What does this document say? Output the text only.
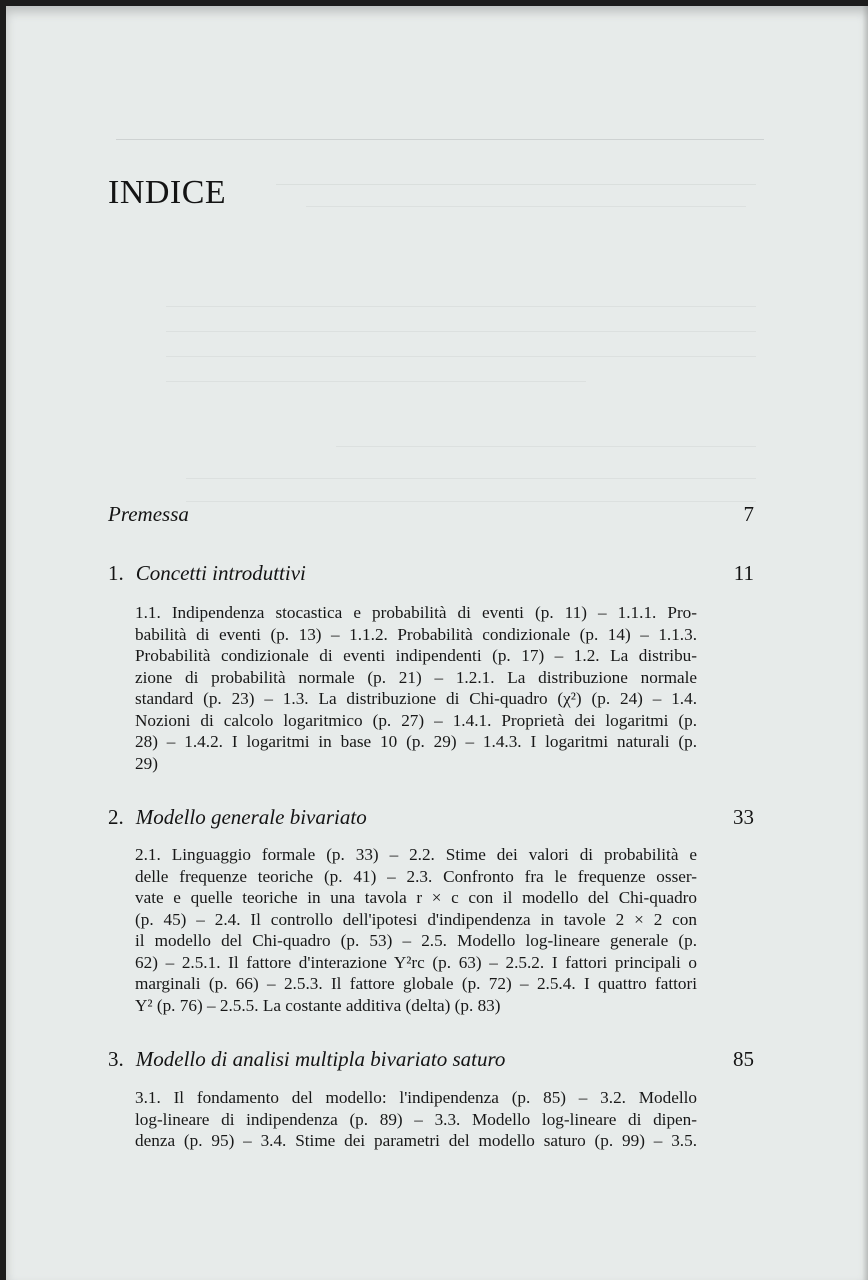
INDICE
Premessa	7
1. Concetti introduttivi	11
1.1. Indipendenza stocastica e probabilità di eventi (p. 11) – 1.1.1. Pro-
babilità di eventi (p. 13) – 1.1.2. Probabilità condizionale (p. 14) – 1.1.3.
Probabilità condizionale di eventi indipendenti (p. 17) – 1.2. La distribu-
zione di probabilità normale (p. 21) – 1.2.1. La distribuzione normale
standard (p. 23) – 1.3. La distribuzione di Chi-quadro (χ²) (p. 24) – 1.4.
Nozioni di calcolo logaritmico (p. 27) – 1.4.1. Proprietà dei logaritmi (p.
28) – 1.4.2. I logaritmi in base 10 (p. 29) – 1.4.3. I logaritmi naturali (p.
29)
2. Modello generale bivariato	33
2.1. Linguaggio formale (p. 33) – 2.2. Stime dei valori di probabilità e
delle frequenze teoriche (p. 41) – 2.3. Confronto fra le frequenze osser-
vate e quelle teoriche in una tavola r × c con il modello del Chi-quadro
(p. 45) – 2.4. Il controllo dell'ipotesi d'indipendenza in tavole 2 × 2 con
il modello del Chi-quadro (p. 53) – 2.5. Modello log-lineare generale (p.
62) – 2.5.1. Il fattore d'interazione Y²rc (p. 63) – 2.5.2. I fattori principali o
marginali (p. 66) – 2.5.3. Il fattore globale (p. 72) – 2.5.4. I quattro fattori
Y² (p. 76) – 2.5.5. La costante additiva (delta) (p. 83)
3. Modello di analisi multipla bivariato saturo	85
3.1. Il fondamento del modello: l'indipendenza (p. 85) – 3.2. Modello
log-lineare di indipendenza (p. 89) – 3.3. Modello log-lineare di dipen-
denza (p. 95) – 3.4. Stime dei parametri del modello saturo (p. 99) – 3.5.
